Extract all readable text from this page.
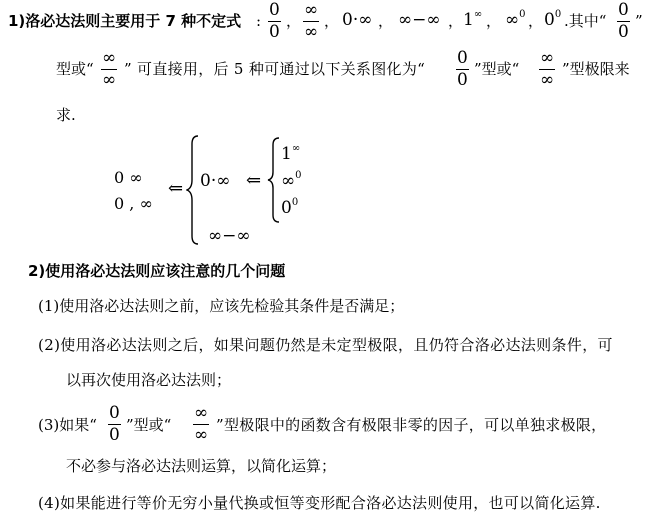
1)洛必达法则主要用于 7 种不定式 :
0
0
，
∞
∞
， 0·∞ ， ∞−∞ ， 1∞ ， ∞$^0$ ， $0^0$ .其中“
0
0
”
型或“
∞
∞
” 可直接用，后 5 种可通过以下关系图化为“
0
0
”型或“
∞
∞
”型极限来
求.
0 ∞
0 , ∞
⇐ 0·∞ ⇐
∞−∞
1∞
∞$^0$
$0^0$
2)使用洛必达法则应该注意的几个问题
(1)使用洛必达法则之前，应该先检验其条件是否满足；
(2)使用洛必达法则之后，如果问题仍然是未定型极限，且仍符合洛必达法则条件，可
以再次使用洛必达法则；
(3)如果“
0
0 ”型或“
∞
∞ ”型极限中的函数含有极限非零的因子，可以单独求极限，
不必参与洛必达法则运算，以简化运算；
(4)如果能进行等价无穷小量代换或恒等变形配合洛必达法则使用，也可以简化运算.
